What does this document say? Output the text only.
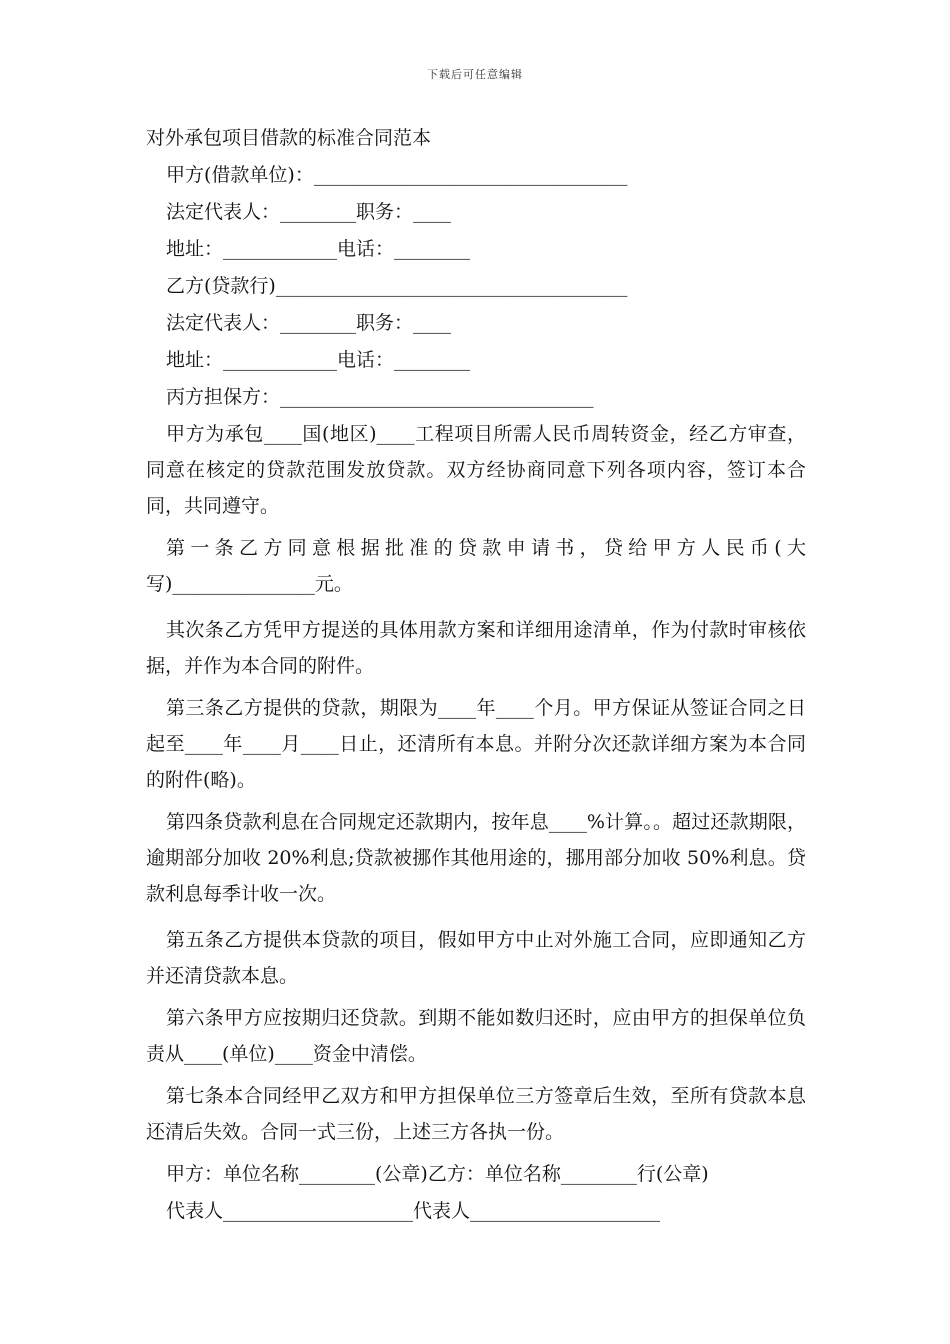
下载后可任意编辑
对外承包项目借款的标准合同范本
甲方(借款单位)：_________________________________
法定代表人：________职务：____
地址：____________电话：________
乙方(贷款行)_____________________________________
法定代表人：________职务：____
地址：____________电话：________
丙方担保方：_________________________________

甲方为承包____国(地区)____工程项目所需人民币周转资金，经乙方审查，同意在核定的贷款范围发放贷款。双方经协商同意下列各项内容，签订本合同，共同遵守。

第一条乙方同意根据批准的贷款申请书，贷给甲方人民币(大写)_______________元。

其次条乙方凭甲方提送的具体用款方案和详细用途清单，作为付款时审核依据，并作为本合同的附件。

第三条乙方提供的贷款，期限为____年____个月。甲方保证从签证合同之日起至____年____月____日止，还清所有本息。并附分次还款详细方案为本合同的附件(略)。

第四条贷款利息在合同规定还款期内，按年息____%计算。。超过还款期限，逾期部分加收 20%利息;贷款被挪作其他用途的，挪用部分加收 50%利息。贷款利息每季计收一次。

第五条乙方提供本贷款的项目，假如甲方中止对外施工合同，应即通知乙方并还清贷款本息。

第六条甲方应按期归还贷款。到期不能如数归还时，应由甲方的担保单位负责从____(单位)____资金中清偿。

第七条本合同经甲乙双方和甲方担保单位三方签章后生效，至所有贷款本息还清后失效。合同一式三份，上述三方各执一份。

甲方：单位名称________(公章)乙方：单位名称________行(公章)
代表人____________________代表人____________________
